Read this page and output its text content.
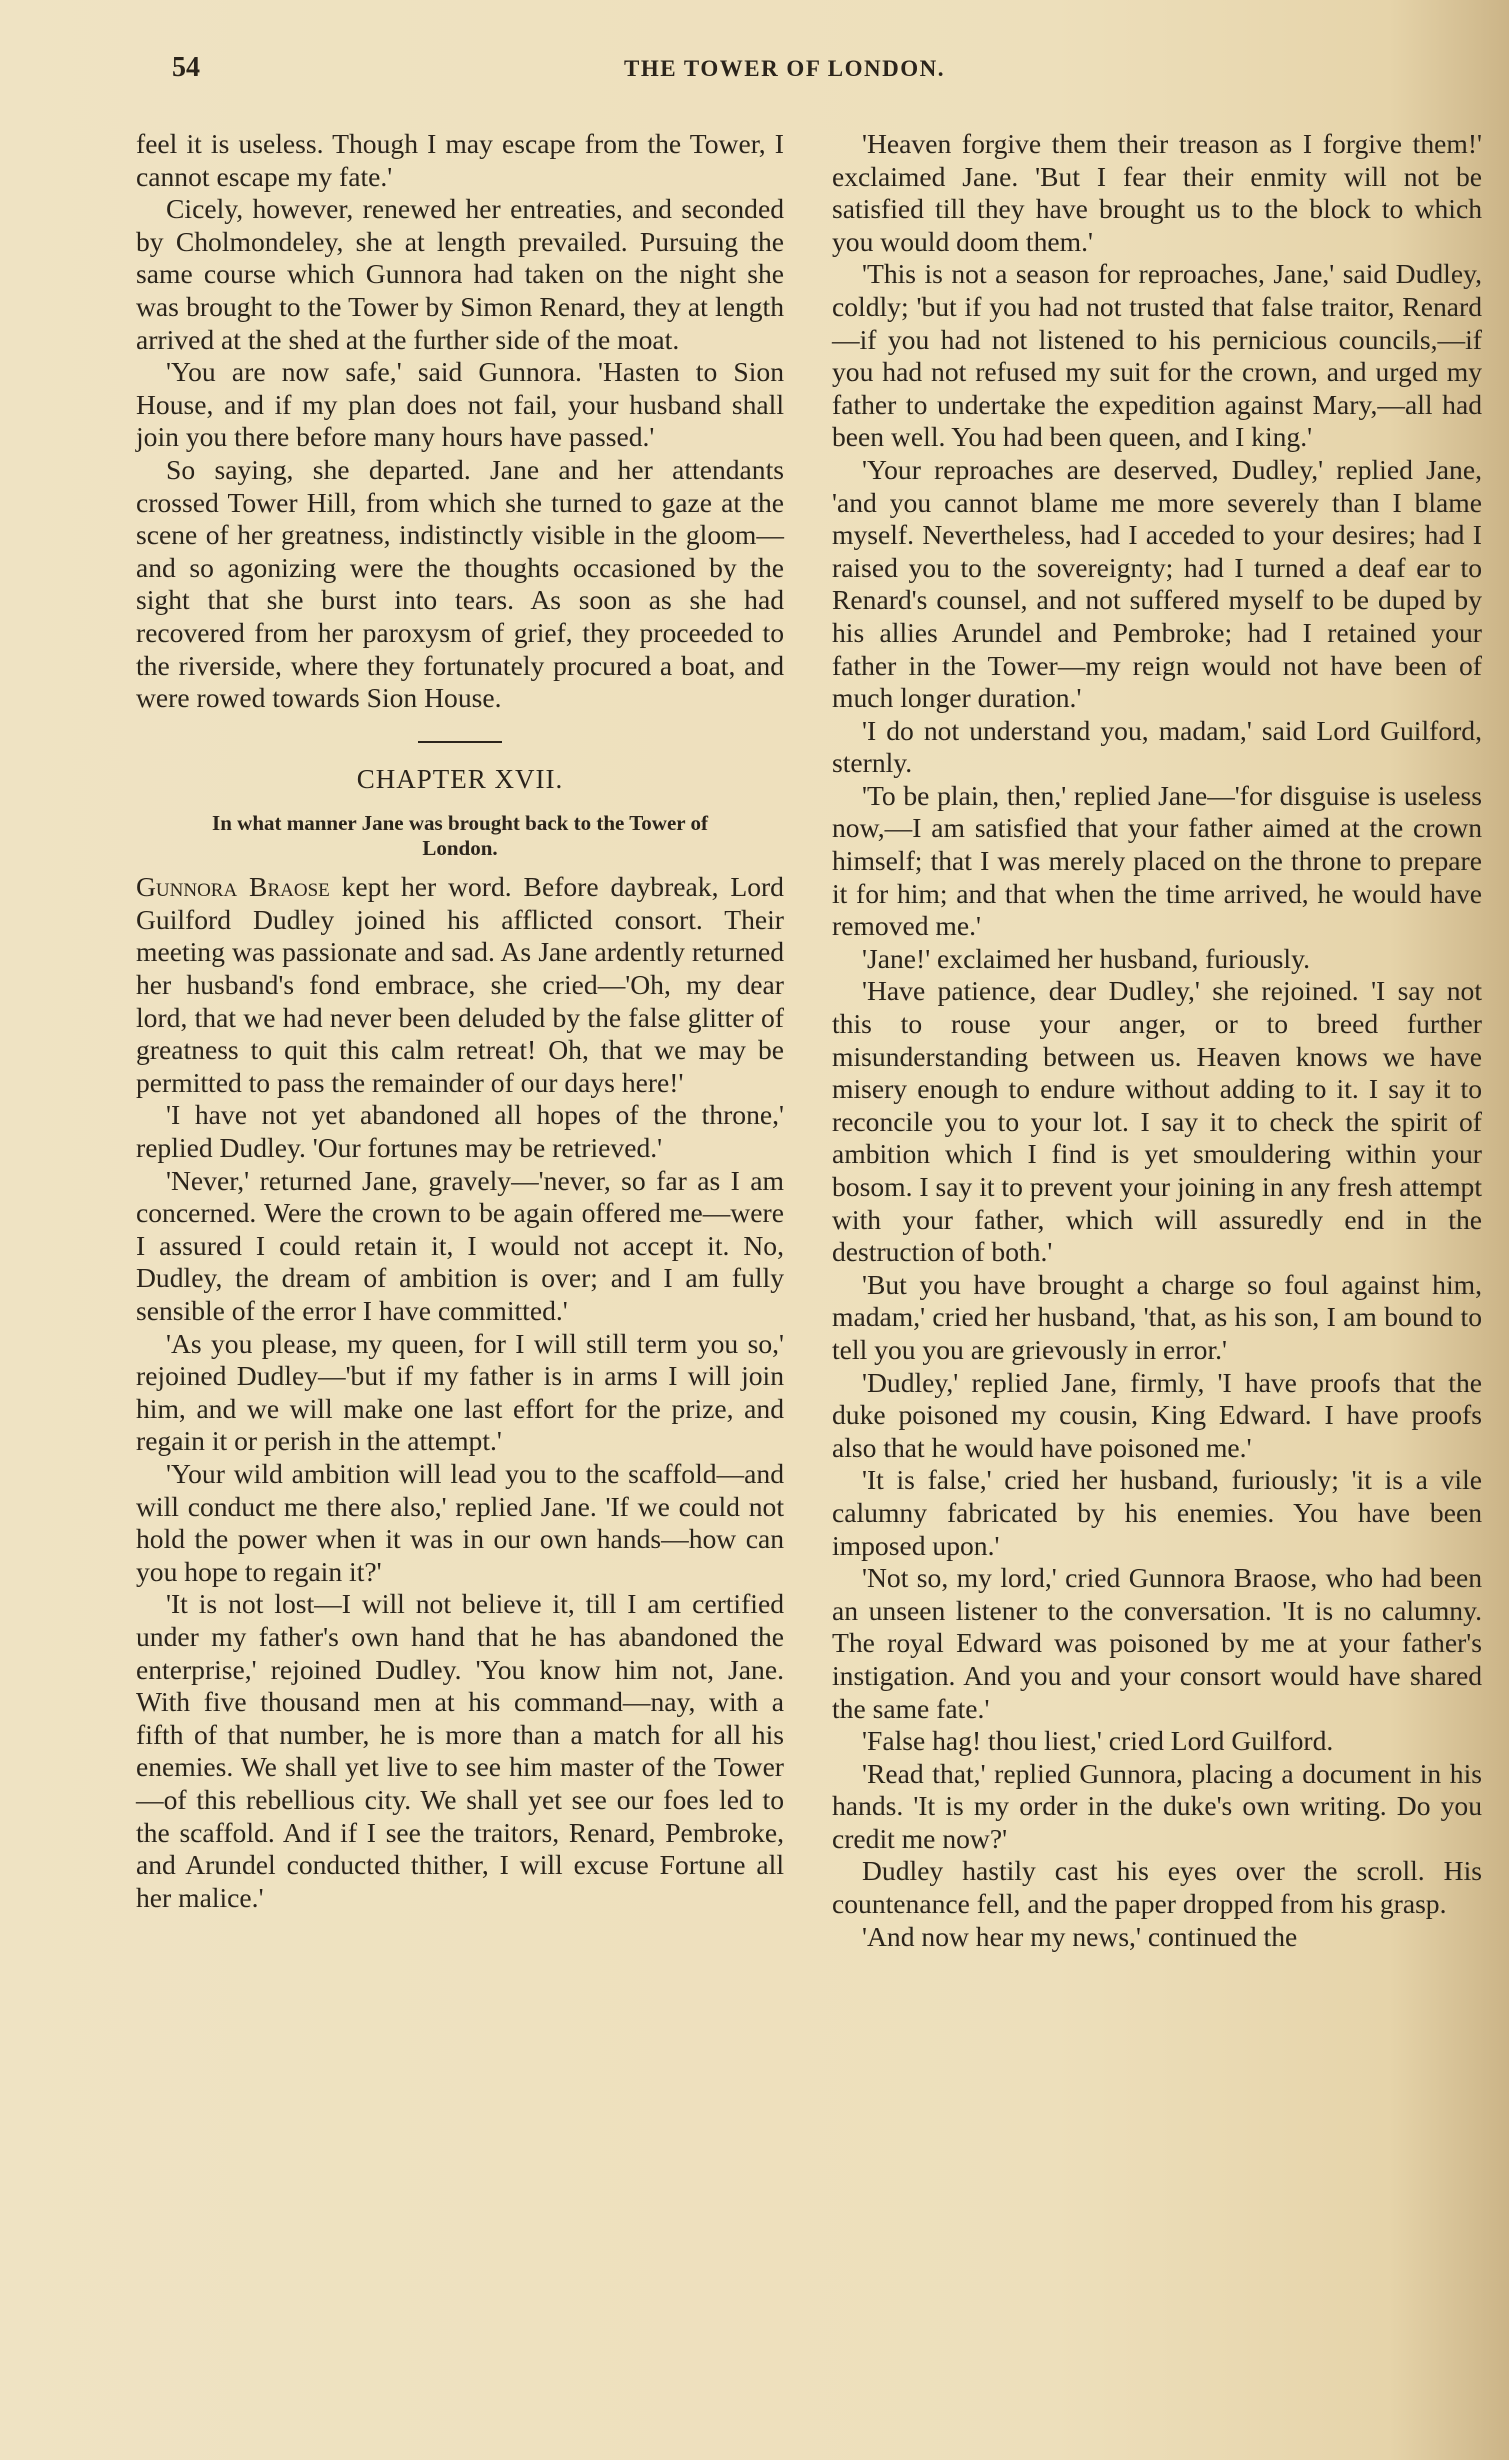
54	THE TOWER OF LONDON.

feel it is useless. Though I may escape from the Tower, I cannot escape my fate.'

Cicely, however, renewed her entreaties, and seconded by Cholmondeley, she at length prevailed. Pursuing the same course which Gunnora had taken on the night she was brought to the Tower by Simon Renard, they at length arrived at the shed at the further side of the moat.

'You are now safe,' said Gunnora. 'Hasten to Sion House, and if my plan does not fail, your husband shall join you there before many hours have passed.'

So saying, she departed. Jane and her attendants crossed Tower Hill, from which she turned to gaze at the scene of her greatness, indistinctly visible in the gloom—and so agonizing were the thoughts occasioned by the sight that she burst into tears. As soon as she had recovered from her paroxysm of grief, they proceeded to the riverside, where they fortunately procured a boat, and were rowed towards Sion House.

CHAPTER XVII.
In what manner Jane was brought back to the Tower of London.

Gunnora Braose kept her word. Before daybreak, Lord Guilford Dudley joined his afflicted consort. Their meeting was passionate and sad. As Jane ardently returned her husband's fond embrace, she cried—'Oh, my dear lord, that we had never been deluded by the false glitter of greatness to quit this calm retreat! Oh, that we may be permitted to pass the remainder of our days here!'

'I have not yet abandoned all hopes of the throne,' replied Dudley. 'Our fortunes may be retrieved.'

'Never,' returned Jane, gravely—'never, so far as I am concerned. Were the crown to be again offered me—were I assured I could retain it, I would not accept it. No, Dudley, the dream of ambition is over; and I am fully sensible of the error I have committed.'

'As you please, my queen, for I will still term you so,' rejoined Dudley—'but if my father is in arms I will join him, and we will make one last effort for the prize, and regain it or perish in the attempt.'

'Your wild ambition will lead you to the scaffold—and will conduct me there also,' replied Jane. 'If we could not hold the power when it was in our own hands—how can you hope to regain it?'

'It is not lost—I will not believe it, till I am certified under my father's own hand that he has abandoned the enterprise,' rejoined Dudley. 'You know him not, Jane. With five thousand men at his command—nay, with a fifth of that number, he is more than a match for all his enemies. We shall yet live to see him master of the Tower—of this rebellious city. We shall yet see our foes led to the scaffold. And if I see the traitors, Renard, Pembroke, and Arundel conducted thither, I will excuse Fortune all her malice.'

'Heaven forgive them their treason as I forgive them!' exclaimed Jane. 'But I fear their enmity will not be satisfied till they have brought us to the block to which you would doom them.'

'This is not a season for reproaches, Jane,' said Dudley, coldly; 'but if you had not trusted that false traitor, Renard—if you had not listened to his pernicious councils,—if you had not refused my suit for the crown, and urged my father to undertake the expedition against Mary,—all had been well. You had been queen, and I king.'

'Your reproaches are deserved, Dudley,' replied Jane, 'and you cannot blame me more severely than I blame myself. Nevertheless, had I acceded to your desires; had I raised you to the sovereignty; had I turned a deaf ear to Renard's counsel, and not suffered myself to be duped by his allies Arundel and Pembroke; had I retained your father in the Tower—my reign would not have been of much longer duration.'

'I do not understand you, madam,' said Lord Guilford, sternly.

'To be plain, then,' replied Jane—'for disguise is useless now,—I am satisfied that your father aimed at the crown himself; that I was merely placed on the throne to prepare it for him; and that when the time arrived, he would have removed me.'

'Jane!' exclaimed her husband, furiously.

'Have patience, dear Dudley,' she rejoined. 'I say not this to rouse your anger, or to breed further misunderstanding between us. Heaven knows we have misery enough to endure without adding to it. I say it to reconcile you to your lot. I say it to check the spirit of ambition which I find is yet smouldering within your bosom. I say it to prevent your joining in any fresh attempt with your father, which will assuredly end in the destruction of both.'

'But you have brought a charge so foul against him, madam,' cried her husband, 'that, as his son, I am bound to tell you you are grievously in error.'

'Dudley,' replied Jane, firmly, 'I have proofs that the duke poisoned my cousin, King Edward. I have proofs also that he would have poisoned me.'

'It is false,' cried her husband, furiously; 'it is a vile calumny fabricated by his enemies. You have been imposed upon.'

'Not so, my lord,' cried Gunnora Braose, who had been an unseen listener to the conversation. 'It is no calumny. The royal Edward was poisoned by me at your father's instigation. And you and your consort would have shared the same fate.'

'False hag! thou liest,' cried Lord Guilford.

'Read that,' replied Gunnora, placing a document in his hands. 'It is my order in the duke's own writing. Do you credit me now?'

Dudley hastily cast his eyes over the scroll. His countenance fell, and the paper dropped from his grasp.

'And now hear my news,' continued the
